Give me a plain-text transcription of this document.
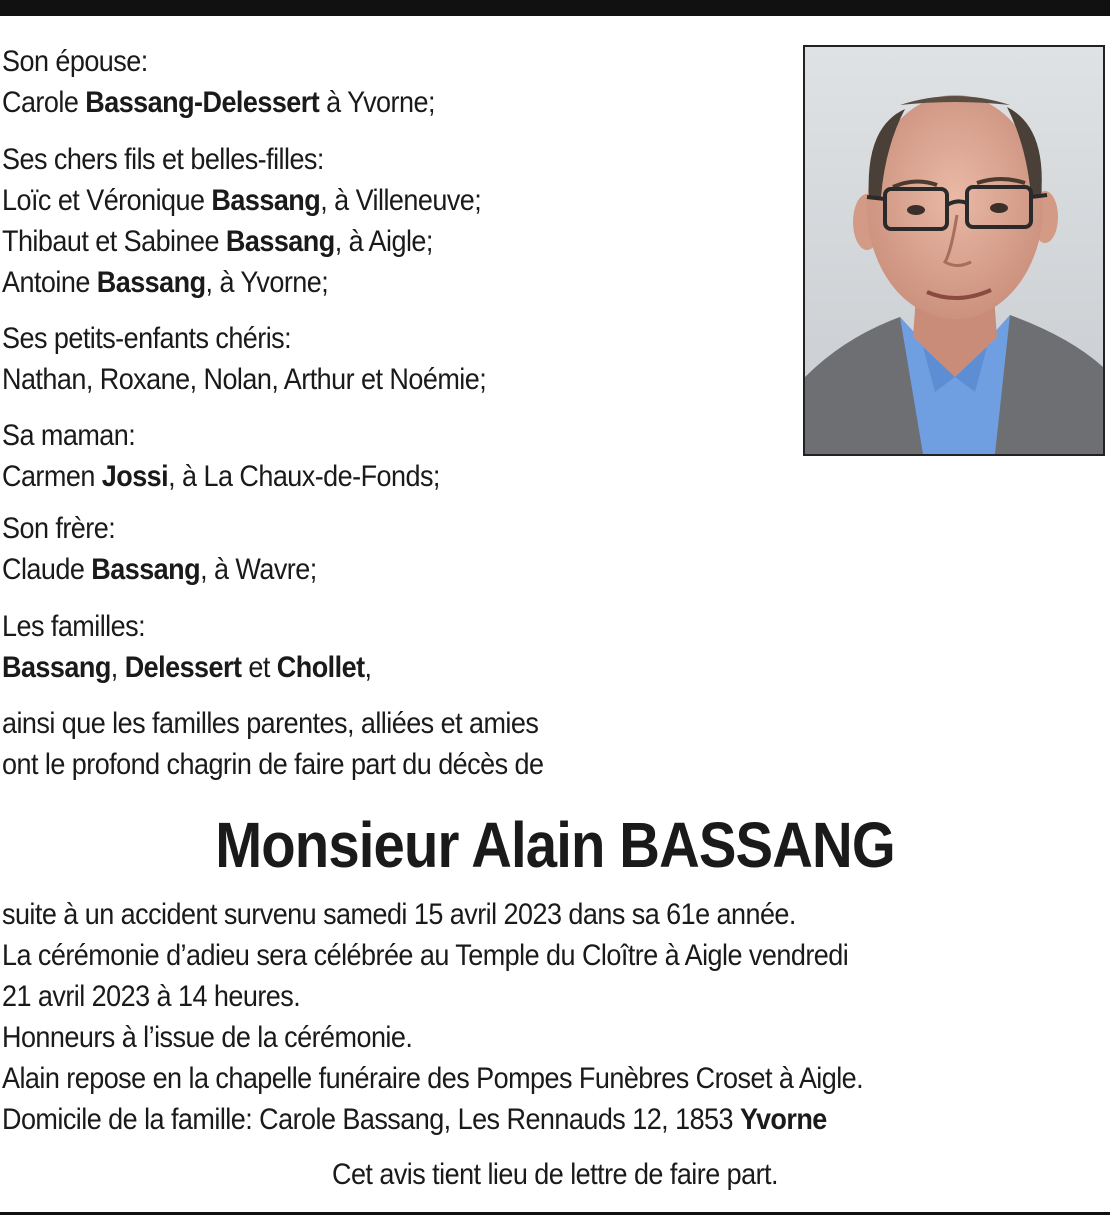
Son épouse:
Carole Bassang-Delessert à Yvorne;
Ses chers fils et belles-filles:
Loïc et Véronique Bassang, à Villeneuve;
Thibaut et Sabinee Bassang, à Aigle;
Antoine Bassang, à Yvorne;
Ses petits-enfants chéris:
Nathan, Roxane, Nolan, Arthur et Noémie;
Sa maman:
Carmen Jossi, à La Chaux-de-Fonds;
Son frère:
Claude Bassang, à Wavre;
Les familles:
Bassang, Delessert et Chollet,
ainsi que les familles parentes, alliées et amies
ont le profond chagrin de faire part du décès de
Monsieur Alain BASSANG
suite à un accident survenu samedi 15 avril 2023 dans sa 61e année.
La cérémonie d’adieu sera célébrée au Temple du Cloître à Aigle vendredi
21 avril 2023 à 14 heures.
Honneurs à l’issue de la cérémonie.
Alain repose en la chapelle funéraire des Pompes Funèbres Croset à Aigle.
Domicile de la famille: Carole Bassang, Les Rennauds 12, 1853 Yvorne

Cet avis tient lieu de lettre de faire part.
